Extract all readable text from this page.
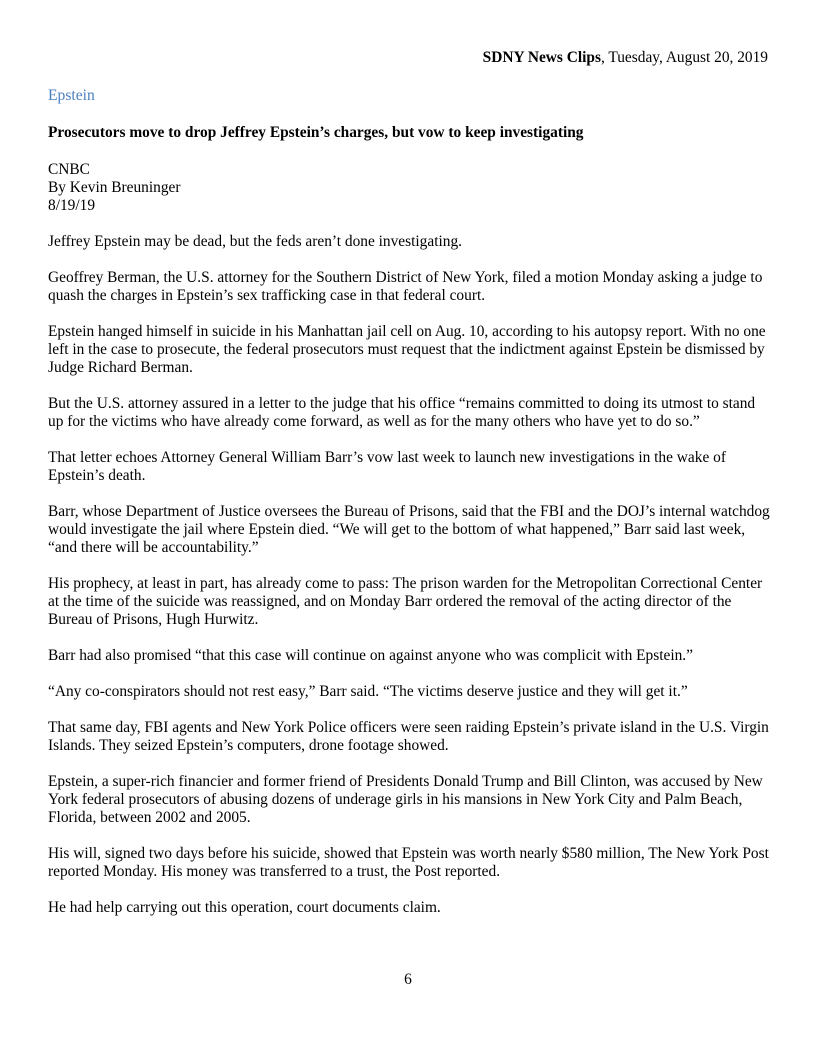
SDNY News Clips, Tuesday, August 20, 2019
Epstein
Prosecutors move to drop Jeffrey Epstein’s charges, but vow to keep investigating
CNBC
By Kevin Breuninger
8/19/19

Jeffrey Epstein may be dead, but the feds aren’t done investigating.

Geoffrey Berman, the U.S. attorney for the Southern District of New York, filed a motion Monday asking a judge to quash the charges in Epstein’s sex trafficking case in that federal court.

Epstein hanged himself in suicide in his Manhattan jail cell on Aug. 10, according to his autopsy report. With no one left in the case to prosecute, the federal prosecutors must request that the indictment against Epstein be dismissed by Judge Richard Berman.

But the U.S. attorney assured in a letter to the judge that his office “remains committed to doing its utmost to stand up for the victims who have already come forward, as well as for the many others who have yet to do so.”

That letter echoes Attorney General William Barr’s vow last week to launch new investigations in the wake of Epstein’s death.

Barr, whose Department of Justice oversees the Bureau of Prisons, said that the FBI and the DOJ’s internal watchdog would investigate the jail where Epstein died. “We will get to the bottom of what happened,” Barr said last week, “and there will be accountability.”

His prophecy, at least in part, has already come to pass: The prison warden for the Metropolitan Correctional Center at the time of the suicide was reassigned, and on Monday Barr ordered the removal of the acting director of the Bureau of Prisons, Hugh Hurwitz.

Barr had also promised “that this case will continue on against anyone who was complicit with Epstein.”

“Any co-conspirators should not rest easy,” Barr said. “The victims deserve justice and they will get it.”

That same day, FBI agents and New York Police officers were seen raiding Epstein’s private island in the U.S. Virgin Islands. They seized Epstein’s computers, drone footage showed.

Epstein, a super-rich financier and former friend of Presidents Donald Trump and Bill Clinton, was accused by New York federal prosecutors of abusing dozens of underage girls in his mansions in New York City and Palm Beach, Florida, between 2002 and 2005.

His will, signed two days before his suicide, showed that Epstein was worth nearly $580 million, The New York Post reported Monday. His money was transferred to a trust, the Post reported.

He had help carrying out this operation, court documents claim.

6
